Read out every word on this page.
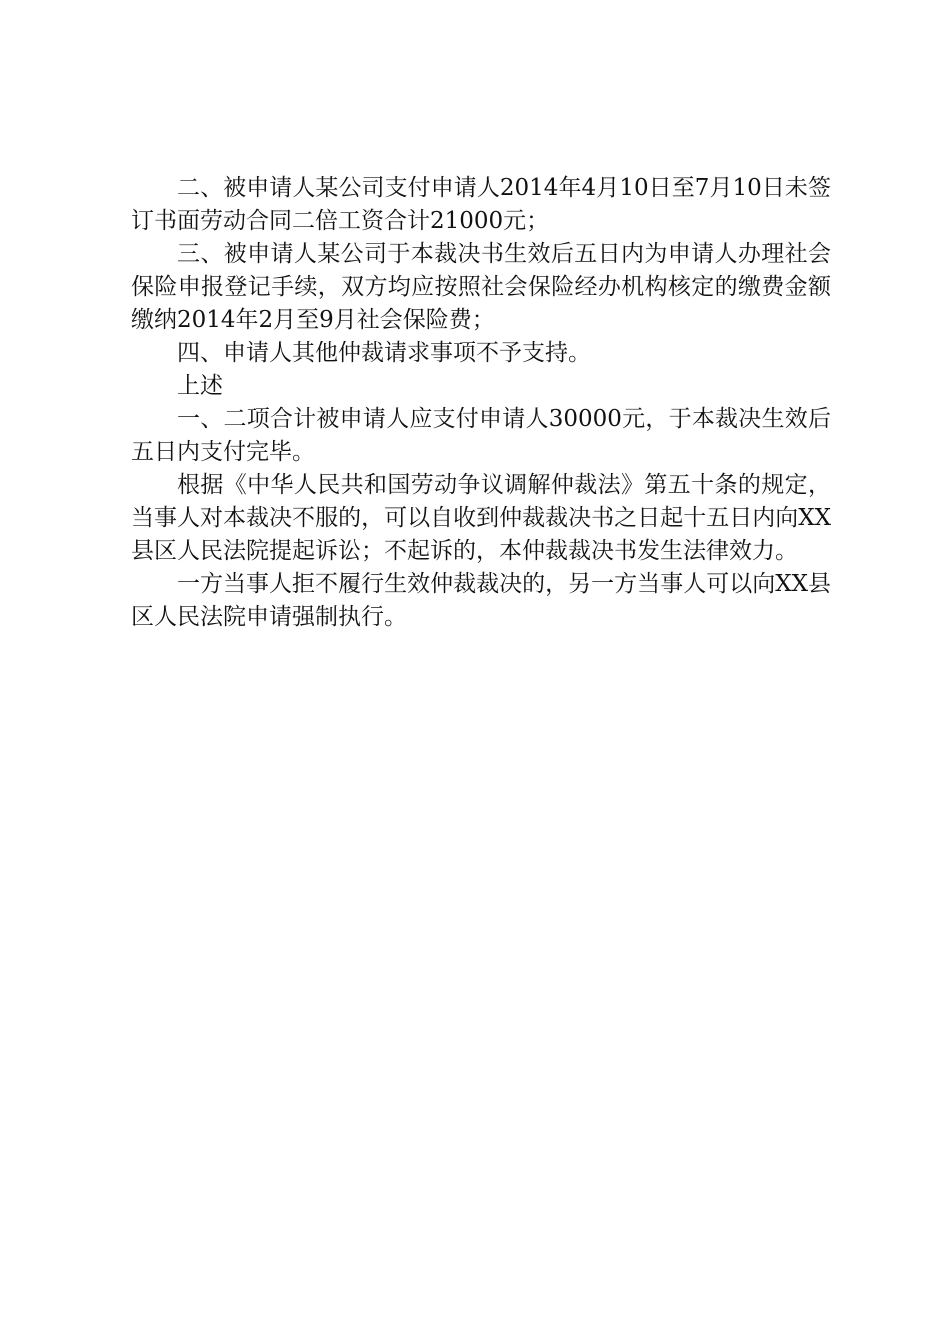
二、被申请人某公司支付申请人2014年4月10日至7月10日未签订书面劳动合同二倍工资合计21000元；

三、被申请人某公司于本裁决书生效后五日内为申请人办理社会保险申报登记手续，双方均应按照社会保险经办机构核定的缴费金额缴纳2014年2月至9月社会保险费；

四、申请人其他仲裁请求事项不予支持。

上述

一、二项合计被申请人应支付申请人30000元，于本裁决生效后五日内支付完毕。

根据《中华人民共和国劳动争议调解仲裁法》第五十条的规定，当事人对本裁决不服的，可以自收到仲裁裁决书之日起十五日内向XX县区人民法院提起诉讼；不起诉的，本仲裁裁决书发生法律效力。

一方当事人拒不履行生效仲裁裁决的，另一方当事人可以向XX县区人民法院申请强制执行。
